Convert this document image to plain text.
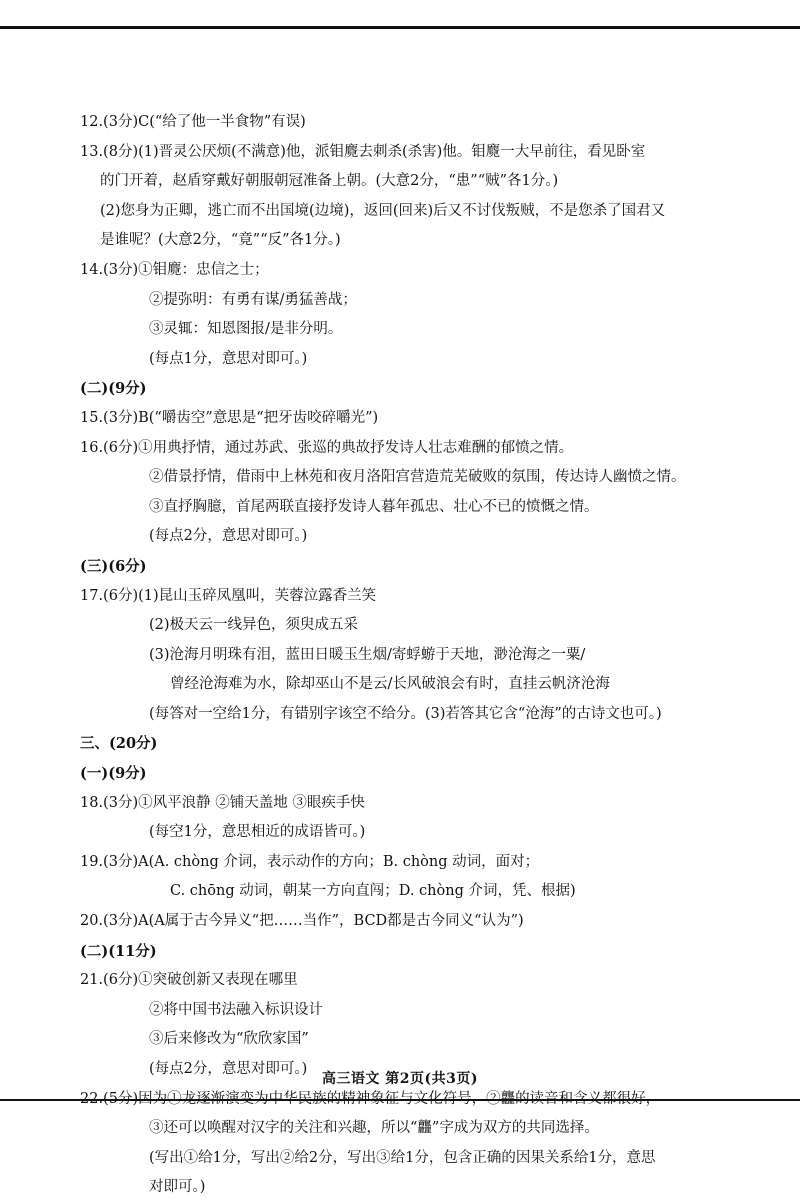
12.(3分)C(“给了他一半食物”有误)
13.(8分)(1)晋灵公厌烦(不满意)他，派钼麑去刺杀(杀害)他。钼麑一大早前往，看见卧室
的门开着，赵盾穿戴好朝服朝冠准备上朝。(大意2分，“患”“贼”各1分。)
(2)您身为正卿，逃亡而不出国境(边境)，返回(回来)后又不讨伐叛贼，不是您杀了国君又
是谁呢？(大意2分，“竟”“反”各1分。)
14.(3分)①钼麑：忠信之士；
②提弥明：有勇有谋/勇猛善战；
③灵辄：知恩图报/是非分明。
(每点1分，意思对即可。)
(二)(9分)
15.(3分)B(“嚼齿空”意思是“把牙齿咬碎嚼光”)
16.(6分)①用典抒情，通过苏武、张巡的典故抒发诗人壮志难酬的郁愤之情。
②借景抒情，借雨中上林苑和夜月洛阳宫营造荒芜破败的氛围，传达诗人幽愤之情。
③直抒胸臆，首尾两联直接抒发诗人暮年孤忠、壮心不已的愤慨之情。
(每点2分，意思对即可。)
(三)(6分)
17.(6分)(1)昆山玉碎凤凰叫，芙蓉泣露香兰笑
(2)极天云一线异色，须臾成五采
(3)沧海月明珠有泪，蓝田日暖玉生烟/寄蜉蝣于天地，渺沧海之一粟/
曾经沧海难为水，除却巫山不是云/长风破浪会有时，直挂云帆济沧海
(每答对一空给1分，有错别字该空不给分。(3)若答其它含“沧海”的古诗文也可。)
三、(20分)
(一)(9分)
18.(3分)①风平浪静 ②铺天盖地 ③眼疾手快
(每空1分，意思相近的成语皆可。)
19.(3分)A(A. chòng 介词，表示动作的方向；B. chòng 动词，面对；
C. chōng 动词，朝某一方向直闯；D. chòng 介词，凭、根据)
20.(3分)A(A属于古今异义“把……当作”，BCD都是古今同义“认为”)
(二)(11分)
21.(6分)①突破创新又表现在哪里
②将中国书法融入标识设计
③后来修改为“欣欣家国”
(每点2分，意思对即可。)
③还可以唤醒对汉字的关注和兴趣，所以“龘”字成为双方的共同选择。
(写出①给1分，写出②给2分，写出③给1分，包含正确的因果关系给1分，意思
对即可。)
高三语文 第2页(共3页)
